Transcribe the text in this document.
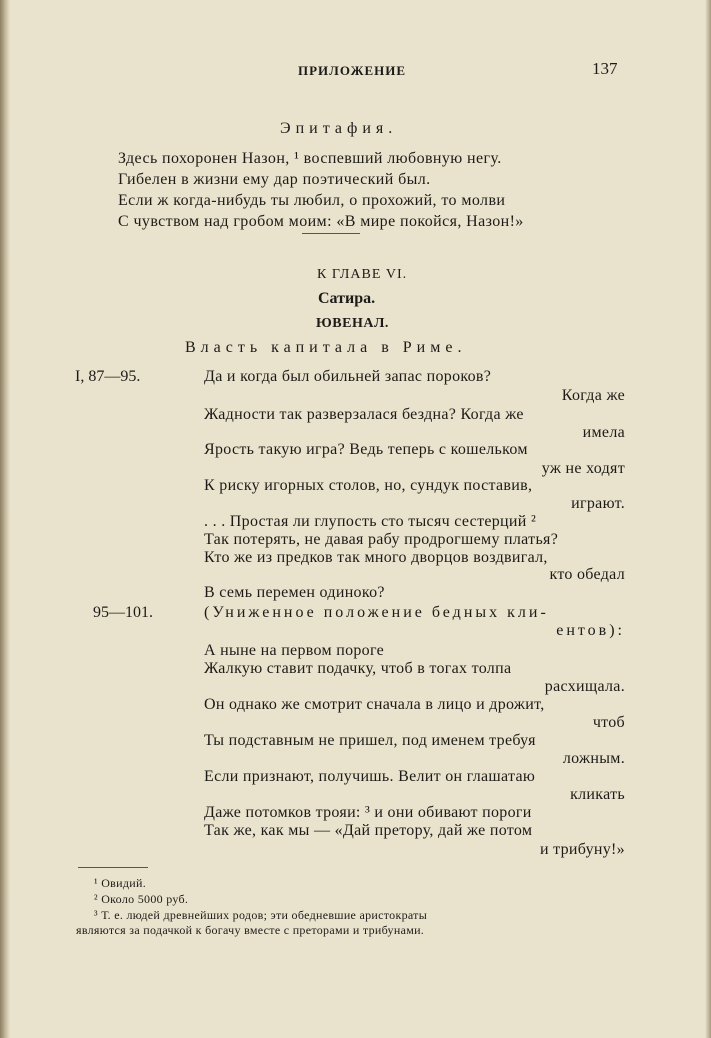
ПРИЛОЖЕНИЕ	137
Эпитафия.
Здесь похоронен Назон, ¹ воспевший любовную негу.
Гибелен в жизни ему дар поэтический был.
Если ж когда-нибудь ты любил, о прохожий, то молви
С чувством над гробом моим: «В мире покойся, Назон!»
К ГЛАВЕ VI.
Сатира.
ЮВЕНАЛ.
Власть капитала в Риме.
I, 87—95.	Да и когда был обильней запас пороков?
Когда же
Жадности так разверзалася бездна? Когда же
имела
Ярость такую игра? Ведь теперь с кошельком
уж не ходят
К риску игорных столов, но, сундук поставив,
играют.
. . . Простая ли глупость сто тысяч сестерций ²
Так потерять, не давая рабу продрогшему платья?
Кто же из предков так много дворцов воздвигал,
кто обедал
В семь перемен одиноко?
95—101.	(Униженное положение бедных кли-
ентов):
А ныне на первом пороге
Жалкую ставит подачку, чтоб в тогах толпа
расхищала.
Он однако же смотрит сначала в лицо и дрожит,
чтоб
Ты подставным не пришел, под именем требуя
ложным.
Если признают, получишь. Велит он глашатаю
кликать
Даже потомков трояи: ³ и они обивают пороги
Так же, как мы — «Дай претору, дай же потом
и трибуну!»
¹ Овидий.
² Около 5000 руб.
³ Т. е. людей древнейших родов; эти обедневшие аристократы
являются за подачкой к богачу вместе с преторами и трибунами.
